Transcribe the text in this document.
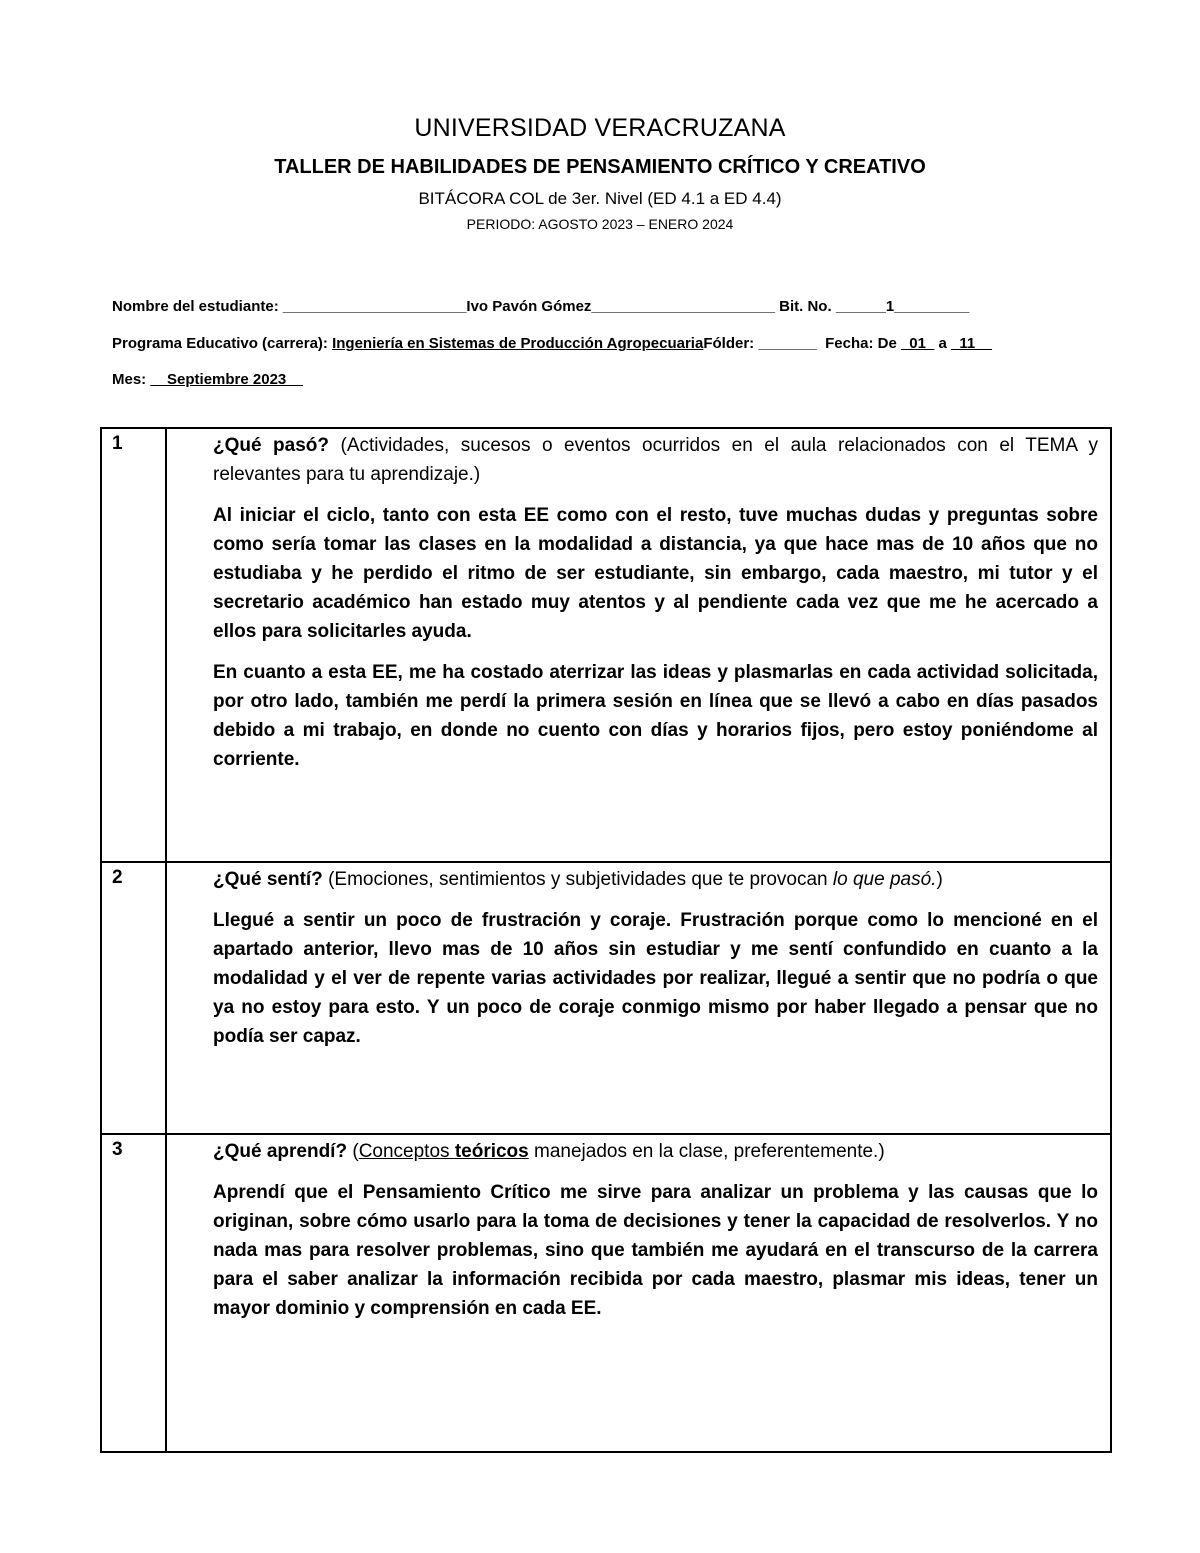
UNIVERSIDAD VERACRUZANA
TALLER DE HABILIDADES DE PENSAMIENTO CRÍTICO Y CREATIVO
BITÁCORA COL de 3er. Nivel (ED 4.1 a ED 4.4)
PERIODO: AGOSTO 2023 – ENERO 2024
Nombre del estudiante: ______________________Ivo Pavón Gómez______________________ Bit. No. ______1_________
Programa Educativo (carrera): Ingeniería en Sistemas de Producción AgropecuariaFólder: _______ Fecha: De _01_ a _11__
Mes: __Septiembre 2023__
1	¿Qué pasó? (Actividades, sucesos o eventos ocurridos en el aula relacionados con el TEMA y relevantes para tu aprendizaje.)

Al iniciar el ciclo, tanto con esta EE como con el resto, tuve muchas dudas y preguntas sobre como sería tomar las clases en la modalidad a distancia, ya que hace mas de 10 años que no estudiaba y he perdido el ritmo de ser estudiante, sin embargo, cada maestro, mi tutor y el secretario académico han estado muy atentos y al pendiente cada vez que me he acercado a ellos para solicitarles ayuda.

En cuanto a esta EE, me ha costado aterrizar las ideas y plasmarlas en cada actividad solicitada, por otro lado, también me perdí la primera sesión en línea que se llevó a cabo en días pasados debido a mi trabajo, en donde no cuento con días y horarios fijos, pero estoy poniéndome al corriente.

2	¿Qué sentí? (Emociones, sentimientos y subjetividades que te provocan lo que pasó.)

Llegué a sentir un poco de frustración y coraje. Frustración porque como lo mencioné en el apartado anterior, llevo mas de 10 años sin estudiar y me sentí confundido en cuanto a la modalidad y el ver de repente varias actividades por realizar, llegué a sentir que no podría o que ya no estoy para esto. Y un poco de coraje conmigo mismo por haber llegado a pensar que no podía ser capaz.

3	¿Qué aprendí? (Conceptos teóricos manejados en la clase, preferentemente.)

Aprendí que el Pensamiento Crítico me sirve para analizar un problema y las causas que lo originan, sobre cómo usarlo para la toma de decisiones y tener la capacidad de resolverlos. Y no nada mas para resolver problemas, sino que también me ayudará en el transcurso de la carrera para el saber analizar la información recibida por cada maestro, plasmar mis ideas, tener un mayor dominio y comprensión en cada EE.
